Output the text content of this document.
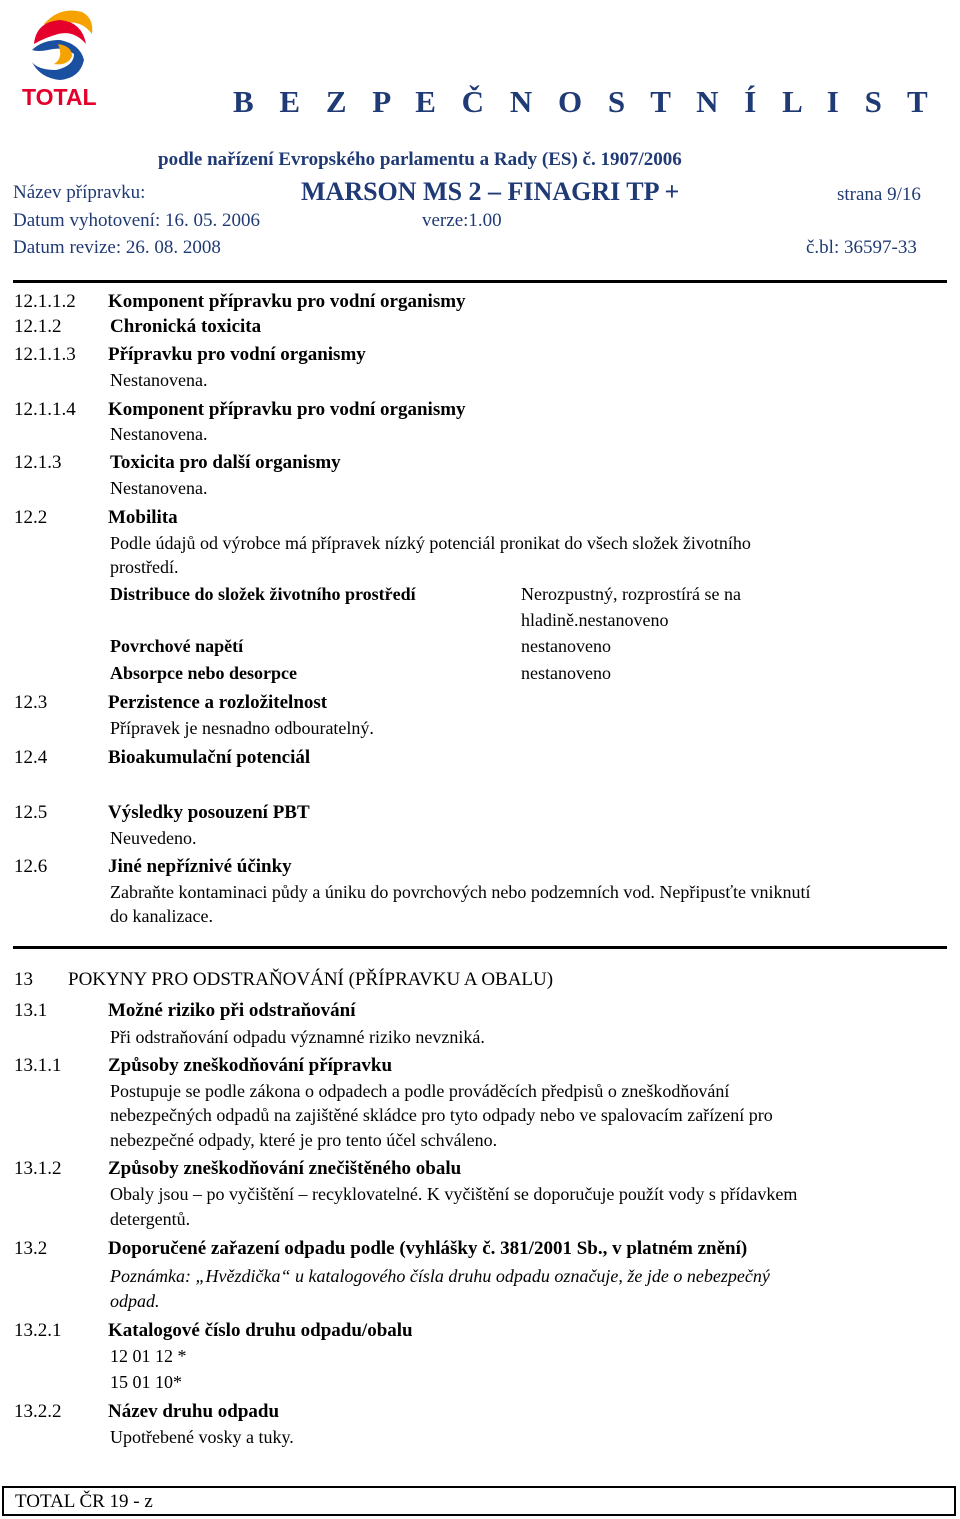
TOTAL	B E Z P E Č N O S T N Í L I S T
podle nařízení Evropského parlamentu a Rady (ES) č. 1907/2006
Název přípravku:	MARSON MS 2 – FINAGRI TP +	strana 9/16
Datum vyhotovení: 16. 05. 2006	verze:1.00
Datum revize: 26. 08. 2008	č.bl: 36597-33
12.1.1.2 Komponent přípravku pro vodní organismy
12.1.2	Chronická toxicita
12.1.1.3 Přípravku pro vodní organismy
Nestanovena.
12.1.1.4 Komponent přípravku pro vodní organismy
Nestanovena.
12.1.3	Toxicita pro další organismy
Nestanovena.
12.2	Mobilita
Podle údajů od výrobce má přípravek nízký potenciál pronikat do všech složek životního
prostředí.
Distribuce do složek životního prostředí	Nerozpustný, rozprostírá se na
hladině.nestanoveno
Povrchové napětí	nestanoveno
Absorpce nebo desorpce	nestanoveno
12.3	Perzistence a rozložitelnost
Přípravek je nesnadno odbouratelný.
12.4	Bioakumulační potenciál
12.5	Výsledky posouzení PBT
Neuvedeno.
12.6	Jiné nepříznivé účinky
Zabraňte kontaminaci půdy a úniku do povrchových nebo podzemních vod. Nepřipusťte vniknutí
do kanalizace.
13 POKYNY PRO ODSTRAŇOVÁNÍ (PŘÍPRAVKU A OBALU)
13.1	Možné riziko při odstraňování
Při odstraňování odpadu významné riziko nevzniká.
13.1.1 Způsoby zneškodňování přípravku
Postupuje se podle zákona o odpadech a podle prováděcích předpisů o zneškodňování
nebezpečných odpadů na zajištěné skládce pro tyto odpady nebo ve spalovacím zařízení pro
nebezpečné odpady, které je pro tento účel schváleno.
13.1.2 Způsoby zneškodňování znečištěného obalu
Obaly jsou – po vyčištění – recyklovatelné. K vyčištění se doporučuje použít vody s přídavkem
detergentů.
13.2	Doporučené zařazení odpadu podle (vyhlášky č. 381/2001 Sb., v platném znění)
Poznámka: „Hvězdička“ u katalogového čísla druhu odpadu označuje, že jde o nebezpečný
odpad.
13.2.1 Katalogové číslo druhu odpadu/obalu
12 01 12 *
15 01 10*
13.2.2 Název druhu odpadu
Upotřebené vosky a tuky.
TOTAL ČR 19 - z
